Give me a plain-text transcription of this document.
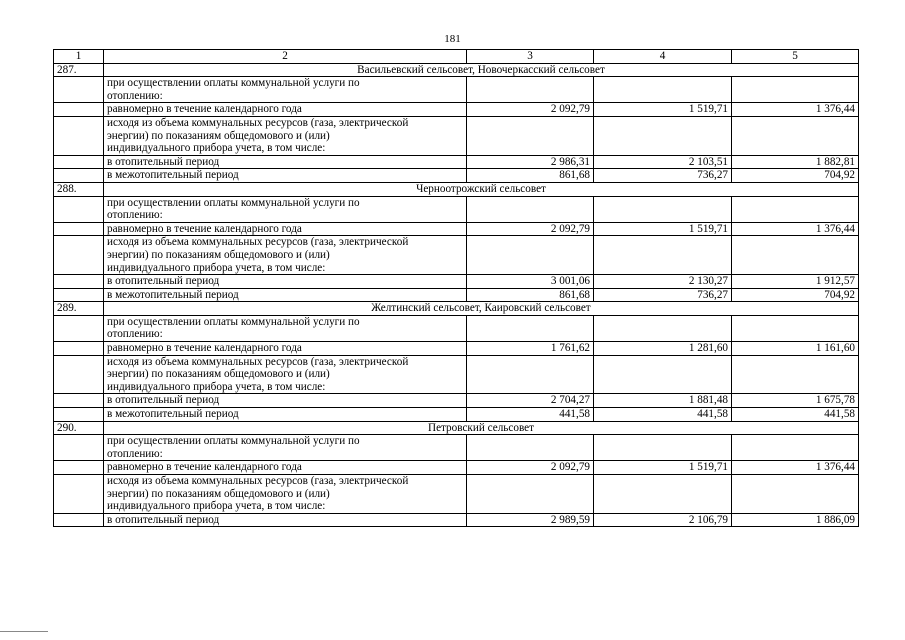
181
1	2	3	4	5
287.	Васильевский сельсовет, Новочеркасский сельсовет			

	при осуществлении оплаты коммунальной услуги по
отоплению:			

	равномерно в течение календарного года	2 092,79	1 519,71	1 376,44

	исходя из объема коммунальных ресурсов (газа, электрической
энергии) по показаниям общедомового и (или)
индивидуального прибора учета, в том числе:			

	в отопительный период	2 986,31	2 103,51	1 882,81

	в межотопительный период	861,68	736,27	704,92
288.	Черноотрожский сельсовет			

	при осуществлении оплаты коммунальной услуги по
отоплению:			

	равномерно в течение календарного года	2 092,79	1 519,71	1 376,44

	исходя из объема коммунальных ресурсов (газа, электрической
энергии) по показаниям общедомового и (или)
индивидуального прибора учета, в том числе:			

	в отопительный период	3 001,06	2 130,27	1 912,57

	в межотопительный период	861,68	736,27	704,92
289.	Желтинский сельсовет, Каировский сельсовет			

	при осуществлении оплаты коммунальной услуги по
отоплению:			

	равномерно в течение календарного года	1 761,62	1 281,60	1 161,60

	исходя из объема коммунальных ресурсов (газа, электрической
энергии) по показаниям общедомового и (или)
индивидуального прибора учета, в том числе:			

	в отопительный период	2 704,27	1 881,48	1 675,78

	в межотопительный период	441,58	441,58	441,58
290.	Петровский сельсовет			

	при осуществлении оплаты коммунальной услуги по
отоплению:			

	равномерно в течение календарного года	2 092,79	1 519,71	1 376,44

	исходя из объема коммунальных ресурсов (газа, электрической
энергии) по показаниям общедомового и (или)
индивидуального прибора учета, в том числе:			

	в отопительный период	2 989,59	2 106,79	1 886,09
